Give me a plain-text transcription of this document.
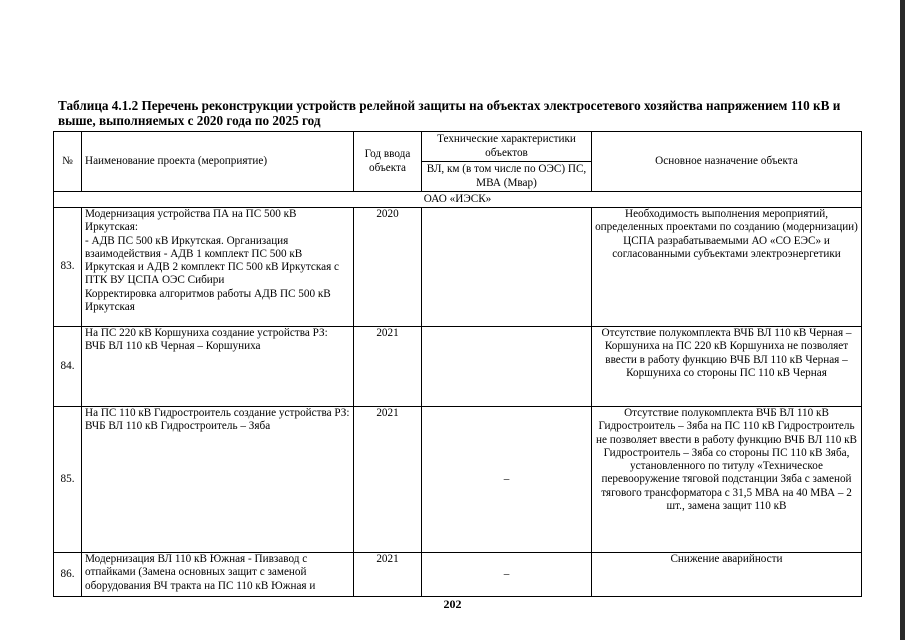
Таблица 4.1.2 Перечень реконструкции устройств релейной защиты на объектах электросетевого хозяйства напряжением 110 кВ и выше, выполняемых с 2020 года по 2025 год
№	Наименование проекта (мероприятие)	Год ввода объекта	Технические характеристики объектов	Основное назначение объекта
			ВЛ, км (в том числе по ОЭС) ПС, МВА (Мвар)	
ОАО «ИЭСК»				
83.	Модернизация устройства ПА на ПС 500 кВ Иркутская:
- АДВ ПС 500 кВ Иркутская. Организация взаимодействия - АДВ 1 комплект ПС 500 кВ Иркутская и АДВ 2 комплект ПС 500 кВ Иркутская с ПТК ВУ ЦСПА ОЭС Сибири
Корректировка алгоритмов работы АДВ ПС 500 кВ Иркутская	2020		Необходимость выполнения мероприятий, определенных проектами по созданию (модернизации) ЦСПА разрабатываемыми АО «СО ЕЭС» и согласованными субъектами электроэнергетики
84.	На ПС 220 кВ Коршуниха создание устройства РЗ: ВЧБ ВЛ 110 кВ Черная – Коршуниха	2021		Отсутствие полукомплекта ВЧБ ВЛ 110 кВ Черная – Коршуниха на ПС 220 кВ Коршуниха не позволяет ввести в работу функцию ВЧБ ВЛ 110 кВ Черная – Коршуниха со стороны ПС 110 кВ Черная
85.	На ПС 110 кВ Гидростроитель создание устройства РЗ: ВЧБ ВЛ 110 кВ Гидростроитель – Зяба	2021	–	Отсутствие полукомплекта ВЧБ ВЛ 110 кВ Гидростроитель – Зяба на ПС 110 кВ Гидростроитель не позволяет ввести в работу функцию ВЧБ ВЛ 110 кВ Гидростроитель – Зяба со стороны ПС 110 кВ Зяба, установленного по титулу «Техническое перевооружение тяговой подстанции Зяба с заменой тягового трансформатора с 31,5 МВА на 40 МВА – 2 шт., замена защит 110 кВ
86.	Модернизация ВЛ 110 кВ Южная - Пивзавод с отпайками (Замена основных защит с заменой оборудования ВЧ тракта на ПС 110 кВ Южная и	2021	–	Снижение аварийности
202
